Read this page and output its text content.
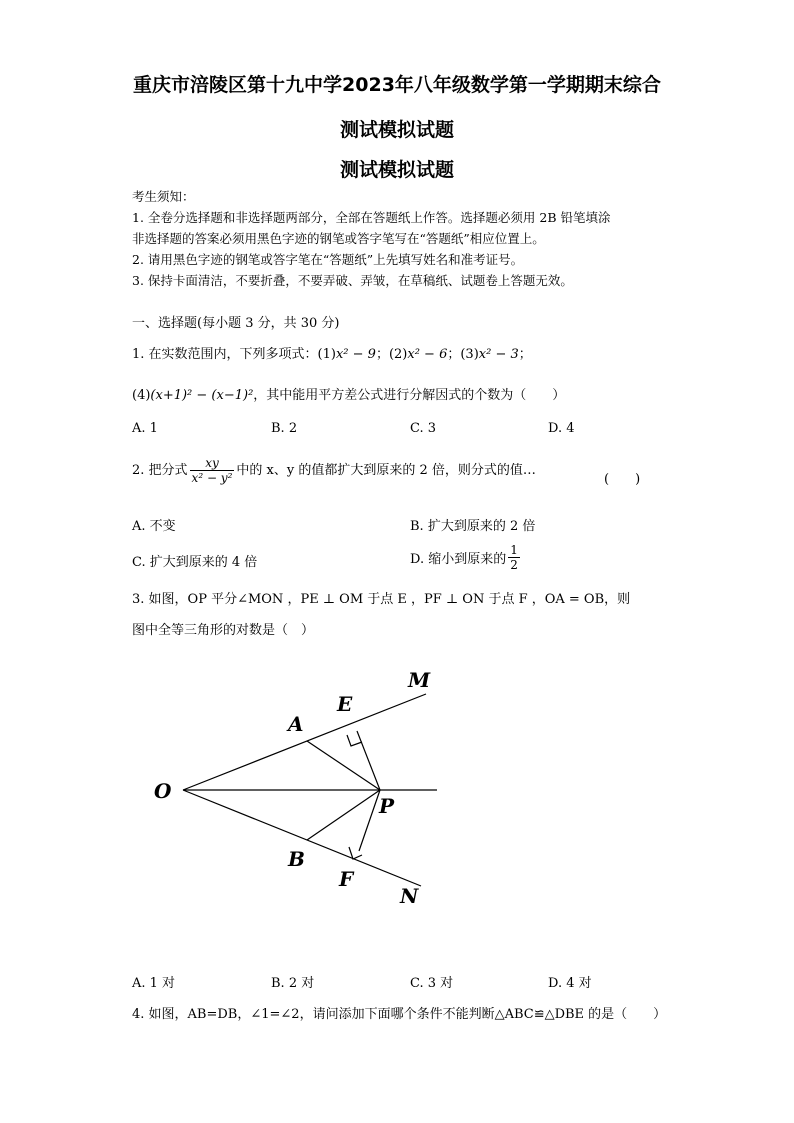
重庆市涪陵区第十九中学2023年八年级数学第一学期期末综合
测试模拟试题
测试模拟试题
考生须知：
1. 全卷分选择题和非选择题两部分，全部在答题纸上作答。选择题必须用 2B 铅笔填涂
非选择题的答案必须用黑色字迹的钢笔或答字笔写在“答题纸”相应位置上。
2. 请用黑色字迹的钢笔或答字笔在“答题纸”上先填写姓名和准考证号。
3. 保持卡面清洁，不要折叠，不要弄破、弄皱，在草稿纸、试题卷上答题无效。
一、选择题(每小题 3 分，共 30 分)
1. 在实数范围内，下列多项式：(1)x² − 9；(2)x² − 6；(3)x² − 3；
(4)(x+1)² − (x−1)²，其中能用平方差公式进行分解因式的个数为（　　）
A. 1	B. 2	C. 3	D. 4
2. 把分式 $\frac{xy}{\text{x² − y²}}$ 中的 x、y 的值都扩大到原来的 2 倍，则分式的值…
(　　)
A. 不变	B. 扩大到原来的 2 倍
C. 扩大到原来的 4 倍	D. 缩小到原来的 $\frac{1}{2}$
3. 如图，OP 平分∠MON ，PE ⊥ OM 于点 E ，PF ⊥ ON 于点 F ，OA = OB，则
图中全等三角形的对数是（　）
M
E
A
O
P
B
F
N
A. 1 对	B. 2 对	C. 3 对	D. 4 对
4. 如图，AB=DB，∠1=∠2，请问添加下面哪个条件不能判断△ABC≌△DBE 的是（　　）
